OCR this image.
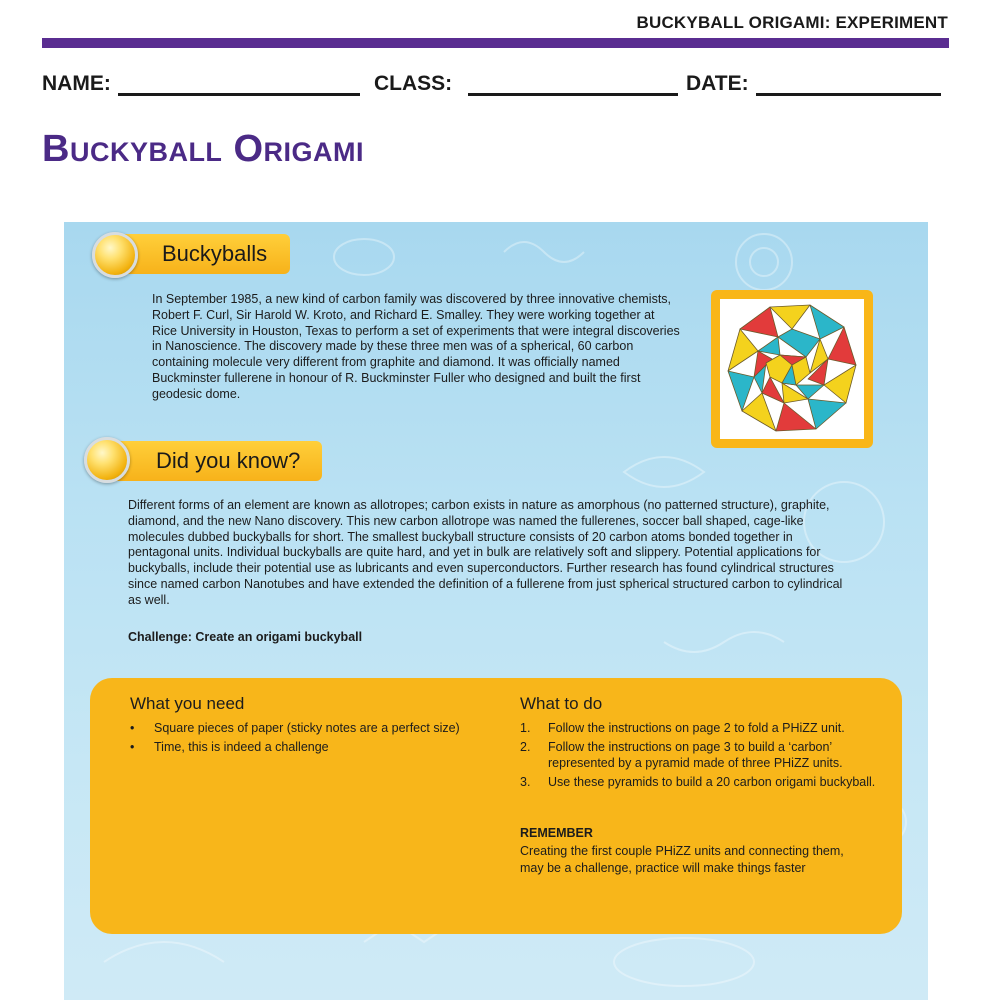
BUCKYBALL ORIGAMI: EXPERIMENT
NAME:	CLASS:	DATE:
Buckyball Origami
Buckyballs
In September 1985, a new kind of carbon family was discovered by three innovative chemists, Robert F. Curl, Sir Harold W. Kroto, and Richard E. Smalley. They were working together at Rice University in Houston, Texas to perform a set of experiments that were integral discoveries in Nanoscience. The discovery made by these three men was of a spherical, 60 carbon containing molecule very different from graphite and diamond. It was officially named Buckminster fullerene in honour of R. Buckminster Fuller who designed and built the first geodesic dome.
Did you know?
Different forms of an element are known as allotropes; carbon exists in nature as amorphous (no patterned structure), graphite, diamond, and the new Nano discovery. This new carbon allotrope was named the fullerenes, soccer ball shaped, cage-like molecules dubbed buckyballs for short. The smallest buckyball structure consists of 20 carbon atoms bonded together in pentagonal units. Individual buckyballs are quite hard, and yet in bulk are relatively soft and slippery. Potential applications for buckyballs, include their potential use as lubricants and even superconductors. Further research has found cylindrical structures since named carbon Nanotubes and have extended the definition of a fullerene from just spherical structured carbon to cylindrical as well.
Challenge: Create an origami buckyball
What you need
• Square pieces of paper (sticky notes are a perfect size)
• Time, this is indeed a challenge
What to do
1. Follow the instructions on page 2 to fold a PHiZZ unit.
2. Follow the instructions on page 3 to build a ‘carbon’ represented by a pyramid made of three PHiZZ units.
3. Use these pyramids to build a 20 carbon origami buckyball.
REMEMBER
Creating the first couple PHiZZ units and connecting them, may be a challenge, practice will make things faster
